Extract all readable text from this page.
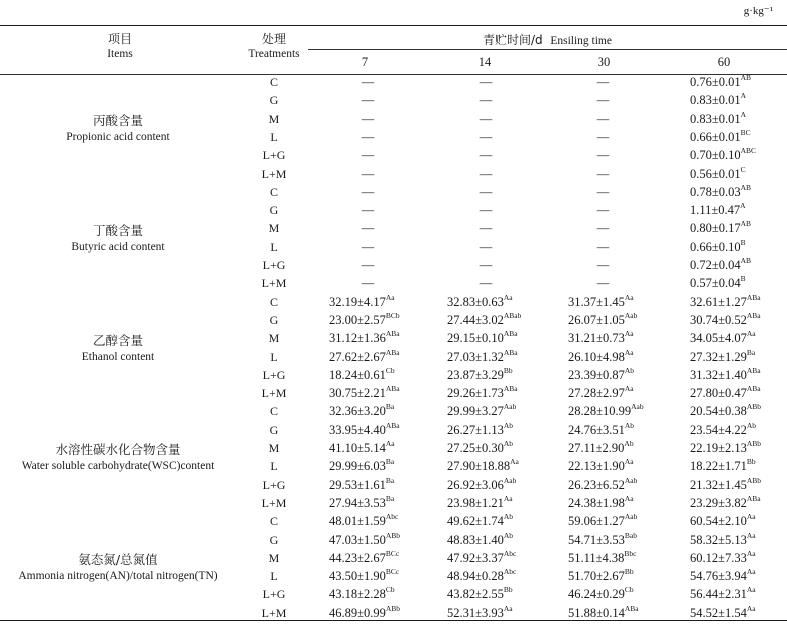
g·kg⁻¹
项目
Items
处理
Treatments
青贮时间/d Ensiling time
7	14	30	60
丙酸含量
Propionic acid content
C	—	—	—	$0.76\pm 0.01^{AB}$
G	—	—	—	$0.83\pm 0.01^A$
M	—	—	—	$0.83\pm 0.01^A$
L	—	—	—	$0.66\pm 0.01^{BC}$
L+G	—	—	—	$0.70\pm 0.10^{ABC}$
L+M	—	—	—	$0.56\pm 0.01^C$
丁酸含量
Butyric acid content
C	—	—	—	$0.78\pm 0.03^{AB}$
G	—	—	—	$1.11\pm 0.47^A$
M	—	—	—	$0.80\pm 0.17^{AB}$
L	—	—	—	$0.66\pm 0.10^B$
L+G	—	—	—	$0.72\pm 0.04^{AB}$
L+M	—	—	—	$0.57\pm 0.04^B$
乙醇含量
Ethanol content
C	$32.19\pm 4.17^{Aa}$	$32.83\pm 0.63^{Aa}$	$31.37\pm 1.45^{Aa}$	$32.61\pm 1.27^{ABa}$
G	$23.00\pm 2.57^{BCb}$	$27.44\pm 3.02^{ABab}$	$26.07\pm 1.05^{Aab}$	$30.74\pm 0.52^{ABa}$
M	$31.12\pm 1.36^{ABa}$	$29.15\pm 0.10^{ABa}$	$31.21\pm 0.73^{Aa}$	$34.05\pm 4.07^{Aa}$
L	$27.62\pm 2.67^{ABa}$	$27.03\pm 1.32^{ABa}$	$26.10\pm 4.98^{Aa}$	$27.32\pm 1.29^{Ba}$
L+G	$18.24\pm 0.61^{Cb}$	$23.87\pm 3.29^{Bb}$	$23.39\pm 0.87^{Ab}$	$31.32\pm 1.40^{ABa}$
L+M	$30.75\pm 2.21^{ABa}$	$29.26\pm 1.73^{ABa}$	$27.28\pm 2.97^{Aa}$	$27.80\pm 0.47^{ABa}$
水溶性碳水化合物含量
Water soluble carbohydrate(WSC)content
C	$32.36\pm 3.20^{Ba}$	$29.99\pm 3.27^{Aab}$	$28.28\pm 10.99^{Aab}$	$20.54\pm 0.38^{ABb}$
G	$33.95\pm 4.40^{ABa}$	$26.27\pm 1.13^{Ab}$	$24.76\pm 3.51^{Ab}$	$23.54\pm 4.22^{Ab}$
M	$41.10\pm 5.14^{Aa}$	$27.25\pm 0.30^{Ab}$	$27.11\pm 2.90^{Ab}$	$22.19\pm 2.13^{ABb}$
L	$29.99\pm 6.03^{Ba}$	$27.90\pm 18.88^{Aa}$	$22.13\pm 1.90^{Aa}$	$18.22\pm 1.71^{Bb}$
L+G	$29.53\pm 1.61^{Ba}$	$26.92\pm 3.06^{Aab}$	$26.23\pm 6.52^{Aab}$	$21.32\pm 1.45^{ABb}$
L+M	$27.94\pm 3.53^{Ba}$	$23.98\pm 1.21^{Aa}$	$24.38\pm 1.98^{Aa}$	$23.29\pm 3.82^{ABa}$
氨态氮/总氮值
Ammonia nitrogen(AN)/total nitrogen(TN)
C	$48.01\pm 1.59^{Abc}$	$49.62\pm 1.74^{Ab}$	$59.06\pm 1.27^{Aab}$	$60.54\pm 2.10^{Aa}$
G	$47.03\pm 1.50^{ABb}$	$48.83\pm 1.40^{Ab}$	$54.71\pm 3.53^{Bab}$	$58.32\pm 5.13^{Aa}$
M	$44.23\pm 2.67^{BCc}$	$47.92\pm 3.37^{Abc}$	$51.11\pm 4.38^{Bbc}$	$60.12\pm 7.33^{Aa}$
L	$43.50\pm 1.90^{BCc}$	$48.94\pm 0.28^{Abc}$	$51.70\pm 2.67^{Bb}$	$54.76\pm 3.94^{Aa}$
L+G	$43.18\pm 2.28^{Cb}$	$43.82\pm 2.55^{Bb}$	$46.24\pm 0.29^{Cb}$	$56.44\pm 2.31^{Aa}$
L+M	$46.89\pm 0.99^{ABb}$	$52.31\pm 3.93^{Aa}$	$51.88\pm 0.14^{ABa}$	$54.52\pm 1.54^{Aa}$
